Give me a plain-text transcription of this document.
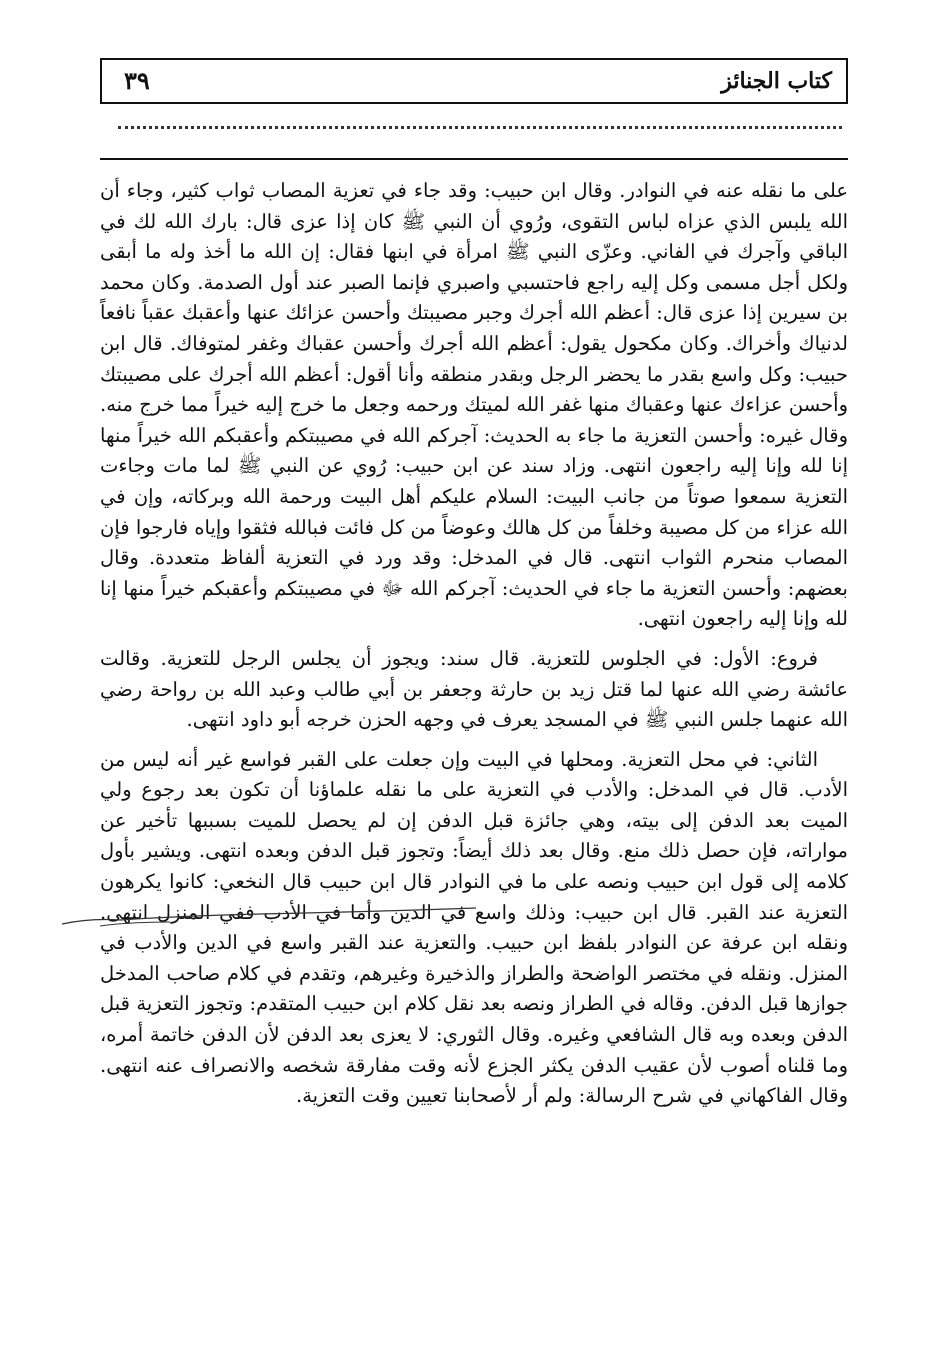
كتاب الجنائز
٣٩

على ما نقله عنه في النوادر. وقال ابن حبيب: وقد جاء في تعزية المصاب ثواب كثير، وجاء أن الله يلبس الذي عزاه لباس التقوى، ورُوي أن النبي ﷺ كان إذا عزى قال: بارك الله لك في الباقي وآجرك في الفاني. وعزّى النبي ﷺ امرأة في ابنها فقال: إن الله ما أخذ وله ما أبقى ولكل أجل مسمى وكل إليه راجع فاحتسبي واصبري فإنما الصبر عند أول الصدمة. وكان محمد بن سيرين إذا عزى قال: أعظم الله أجرك وجبر مصيبتك وأحسن عزائك عنها وأعقبك عقباً نافعاً لدنياك وأخراك. وكان مكحول يقول: أعظم الله أجرك وأحسن عقباك وغفر لمتوفاك. قال ابن حبيب: وكل واسع بقدر ما يحضر الرجل وبقدر منطقه وأنا أقول: أعظم الله أجرك على مصيبتك وأحسن عزاءك عنها وعقباك منها غفر الله لميتك ورحمه وجعل ما خرج إليه خيراً مما خرج منه. وقال غيره: وأحسن التعزية ما جاء به الحديث: آجركم الله في مصيبتكم وأعقبكم الله خيراً منها إنا لله وإنا إليه راجعون انتهى. وزاد سند عن ابن حبيب: رُوي عن النبي ﷺ لما مات وجاءت التعزية سمعوا صوتاً من جانب البيت: السلام عليكم أهل البيت ورحمة الله وبركاته، وإن في الله عزاء من كل مصيبة وخلفاً من كل هالك وعوضاً من كل فائت فبالله فثقوا وإياه فارجوا فإن المصاب منحرم الثواب انتهى. قال في المدخل: وقد ورد في التعزية ألفاظ متعددة. وقال بعضهم: وأحسن التعزية ما جاء في الحديث: آجركم الله ﷻ في مصيبتكم وأعقبكم خيراً منها إنا لله وإنا إليه راجعون انتهى.

فروع: الأول: في الجلوس للتعزية. قال سند: ويجوز أن يجلس الرجل للتعزية. وقالت عائشة رضي الله عنها لما قتل زيد بن حارثة وجعفر بن أبي طالب وعبد الله بن رواحة رضي الله عنهما جلس النبي ﷺ في المسجد يعرف في وجهه الحزن خرجه أبو داود انتهى.

الثاني: في محل التعزية. ومحلها في البيت وإن جعلت على القبر فواسع غير أنه ليس من الأدب. قال في المدخل: والأدب في التعزية على ما نقله علماؤنا أن تكون بعد رجوع ولي الميت بعد الدفن إلى بيته، وهي جائزة قبل الدفن إن لم يحصل للميت بسببها تأخير عن مواراته، فإن حصل ذلك منع. وقال بعد ذلك أيضاً: وتجوز قبل الدفن وبعده انتهى. ويشير بأول كلامه إلى قول ابن حبيب ونصه على ما في النوادر قال ابن حبيب قال النخعي: كانوا يكرهون التعزية عند القبر. قال ابن حبيب: وذلك واسع في الدين وأما في الأدب ففي المنزل انتهى. ونقله ابن عرفة عن النوادر بلفظ ابن حبيب. والتعزية عند القبر واسع في الدين والأدب في المنزل. ونقله في مختصر الواضحة والطراز والذخيرة وغيرهم، وتقدم في كلام صاحب المدخل جوازها قبل الدفن. وقاله في الطراز ونصه بعد نقل كلام ابن حبيب المتقدم: وتجوز التعزية قبل الدفن وبعده وبه قال الشافعي وغيره. وقال الثوري: لا يعزى بعد الدفن لأن الدفن خاتمة أمره، وما قلناه أصوب لأن عقيب الدفن يكثر الجزع لأنه وقت مفارقة شخصه والانصراف عنه انتهى. وقال الفاكهاني في شرح الرسالة: ولم أر لأصحابنا تعيين وقت التعزية.
